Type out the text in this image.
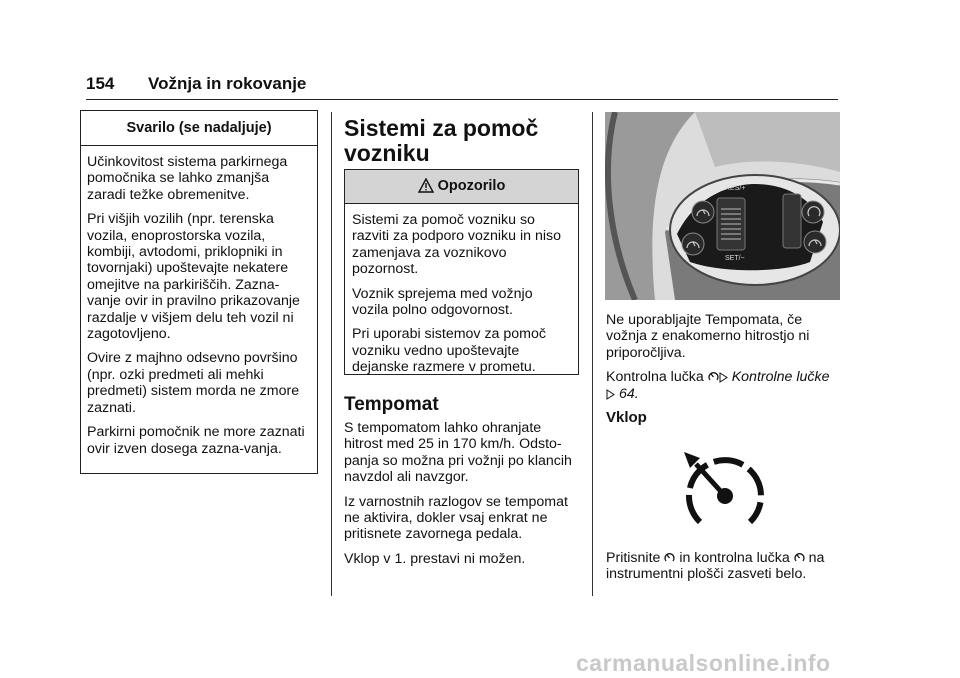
154 Vožnja in rokovanje
Svarilo (se nadaljuje)

Učinkovitost sistema parkirnega pomočnika se lahko zmanjša zaradi težke obremenitve.

Pri višjih vozilih (npr. terenska vozila, enoprostorska vozila, kombiji, avtodomi, priklopniki in tovornjaki) upoštevajte nekatere omejitve na parkiriščih. Zazna-vanje ovir in pravilno prikazovanje razdalje v višjem delu teh vozil ni zagotovljeno.

Ovire z majhno odsevno površino (npr. ozki predmeti ali mehki predmeti) sistem morda ne zmore zaznati.

Parkirni pomočnik ne more zaznati ovir izven dosega zazna-vanja.

Sistemi za pomoč
vozniku
Opozorilo

Sistemi za pomoč vozniku so razviti za podporo vozniku in niso zamenjava za voznikovo pozornost.

Voznik sprejema med vožnjo vozila polno odgovornost.

Pri uporabi sistemov za pomoč vozniku vedno upoštevajte dejanske razmere v prometu.

Tempomat

S tempomatom lahko ohranjate hitrost med 25 in 170 km/h. Odsto-panja so možna pri vožnji po klancih navzdol ali navzgor.

Iz varnostnih razlogov se tempomat ne aktivira, dokler vsaj enkrat ne pritisnete zavornega pedala.

Vklop v 1. prestavi ni možen.

RES/+
SET/−

Ne uporabljajte Tempomata, če vožnja z enakomerno hitrostjo ni priporočljiva.

Kontrolna lučka Kontrolne lučke
64.

Vklop

Pritisnite in kontrolna lučka na instrumentni plošči zasveti belo.

carmanualsonline.info
